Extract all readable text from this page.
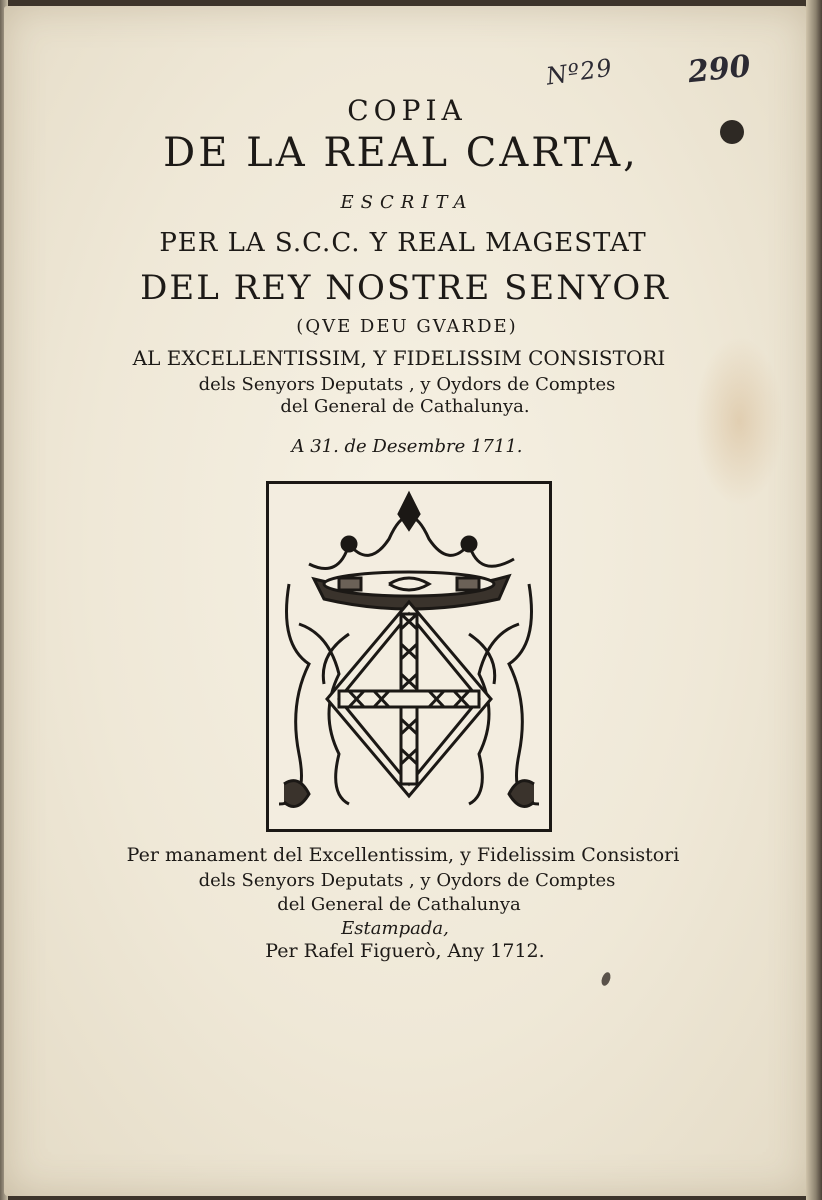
Nº29 290
COPIA
DE LA REAL CARTA,
ESCRITA
PER LA S.C.C. Y REAL MAGESTAT
DEL REY NOSTRE SENYOR
(QVE DEU GVARDE)
AL EXCELLENTISSIM, Y FIDELISSIM CONSISTORI
dels Senyors Deputats , y Oydors de Comptes
del General de Cathalunya.
A 31. de Desembre 1711.
Per manament del Excellentissim, y Fidelissim Consistori
dels Senyors Deputats , y Oydors de Comptes
del General de Cathalunya
Estampada,
Per Rafel Figuerò, Any 1712.
